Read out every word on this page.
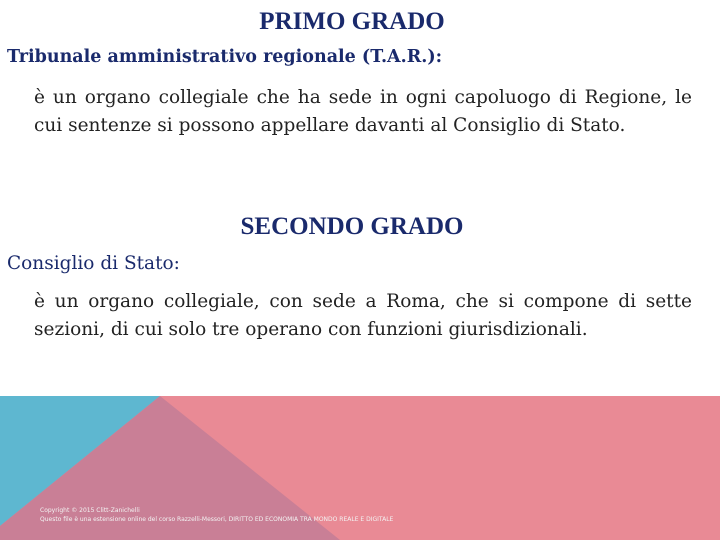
PRIMO GRADO
Tribunale amministrativo regionale (T.A.R.):

è un organo collegiale che ha sede in ogni capoluogo di Regione, le cui sentenze si possono appellare davanti al Consiglio di Stato.

SECONDO GRADO
Consiglio di Stato:

è un organo collegiale, con sede a Roma, che si compone di sette sezioni, di cui solo tre operano con funzioni giurisdizionali.

Copyright © 2015 Clitt-Zanichelli
Questo file è una estensione online del corso Razzelli-Messori, DIRITTO ED ECONOMIA TRA MONDO REALE E DIGITALE
